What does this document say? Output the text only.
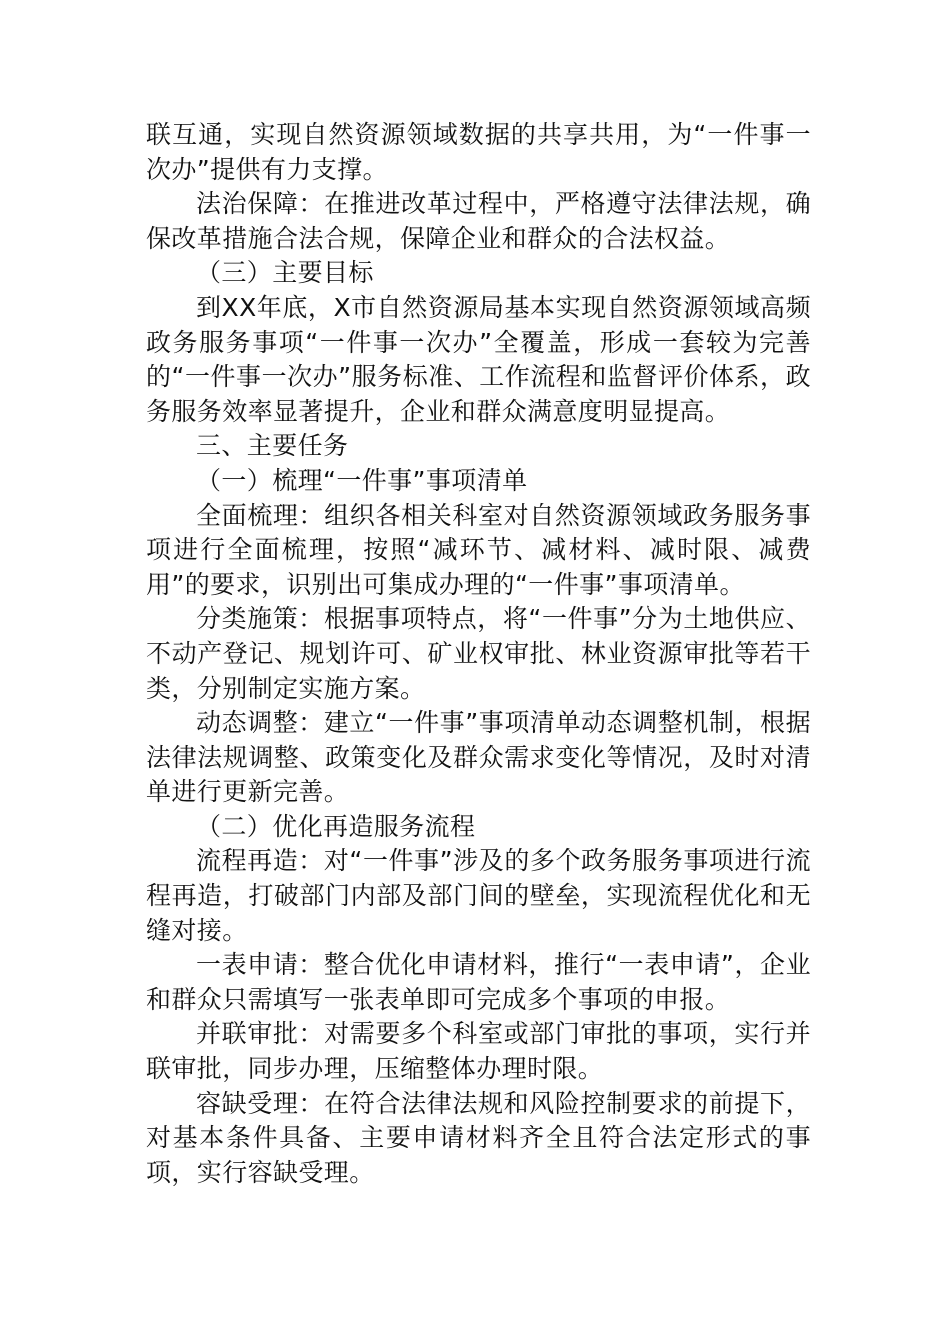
联互通，实现自然资源领域数据的共享共用，为“一件事一次办”提供有力支撑。

法治保障：在推进改革过程中，严格遵守法律法规，确保改革措施合法合规，保障企业和群众的合法权益。

（三）主要目标

到XX年底，X市自然资源局基本实现自然资源领域高频政务服务事项“一件事一次办”全覆盖，形成一套较为完善的“一件事一次办”服务标准、工作流程和监督评价体系，政务服务效率显著提升，企业和群众满意度明显提高。

三、主要任务

（一）梳理“一件事”事项清单

全面梳理：组织各相关科室对自然资源领域政务服务事项进行全面梳理，按照“减环节、减材料、减时限、减费用”的要求，识别出可集成办理的“一件事”事项清单。

分类施策：根据事项特点，将“一件事”分为土地供应、不动产登记、规划许可、矿业权审批、林业资源审批等若干类，分别制定实施方案。

动态调整：建立“一件事”事项清单动态调整机制，根据法律法规调整、政策变化及群众需求变化等情况，及时对清单进行更新完善。

（二）优化再造服务流程

流程再造：对“一件事”涉及的多个政务服务事项进行流程再造，打破部门内部及部门间的壁垒，实现流程优化和无缝对接。

一表申请：整合优化申请材料，推行“一表申请”，企业和群众只需填写一张表单即可完成多个事项的申报。

并联审批：对需要多个科室或部门审批的事项，实行并联审批，同步办理，压缩整体办理时限。

容缺受理：在符合法律法规和风险控制要求的前提下，对基本条件具备、主要申请材料齐全且符合法定形式的事项，实行容缺受理。
